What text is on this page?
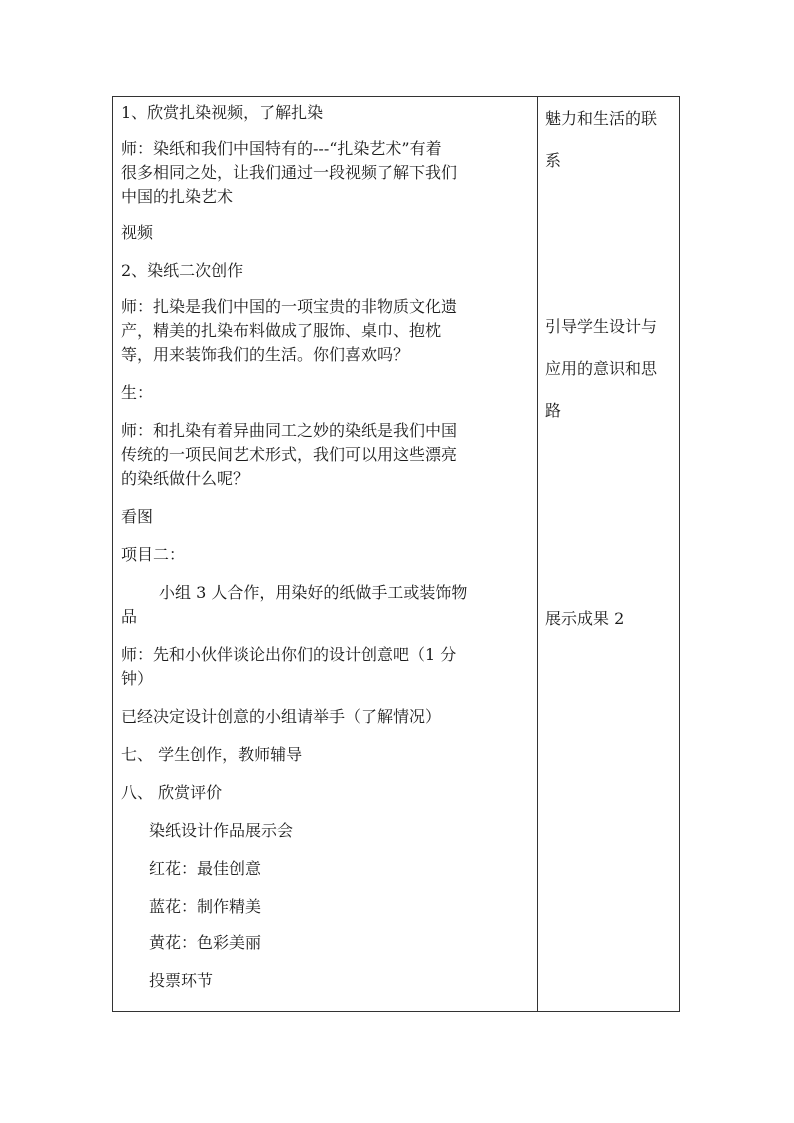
1、欣赏扎染视频，了解扎染
师：染纸和我们中国特有的---“扎染艺术”有着
很多相同之处，让我们通过一段视频了解下我们
中国的扎染艺术
视频
2、染纸二次创作
师：扎染是我们中国的一项宝贵的非物质文化遗
产，精美的扎染布料做成了服饰、桌巾、抱枕
等，用来装饰我们的生活。你们喜欢吗？
生：
师：和扎染有着异曲同工之妙的染纸是我们中国
传统的一项民间艺术形式，我们可以用这些漂亮
的染纸做什么呢？
看图
项目二：
小组 3 人合作，用染好的纸做手工或装饰物
品
师：先和小伙伴谈论出你们的设计创意吧（1 分
钟）
已经决定设计创意的小组请举手（了解情况）
七、 学生创作，教师辅导
八、 欣赏评价
染纸设计作品展示会
红花：最佳创意
蓝花：制作精美
黄花：色彩美丽
投票环节
魅力和生活的联
系
引导学生设计与
应用的意识和思
路
展示成果 2
